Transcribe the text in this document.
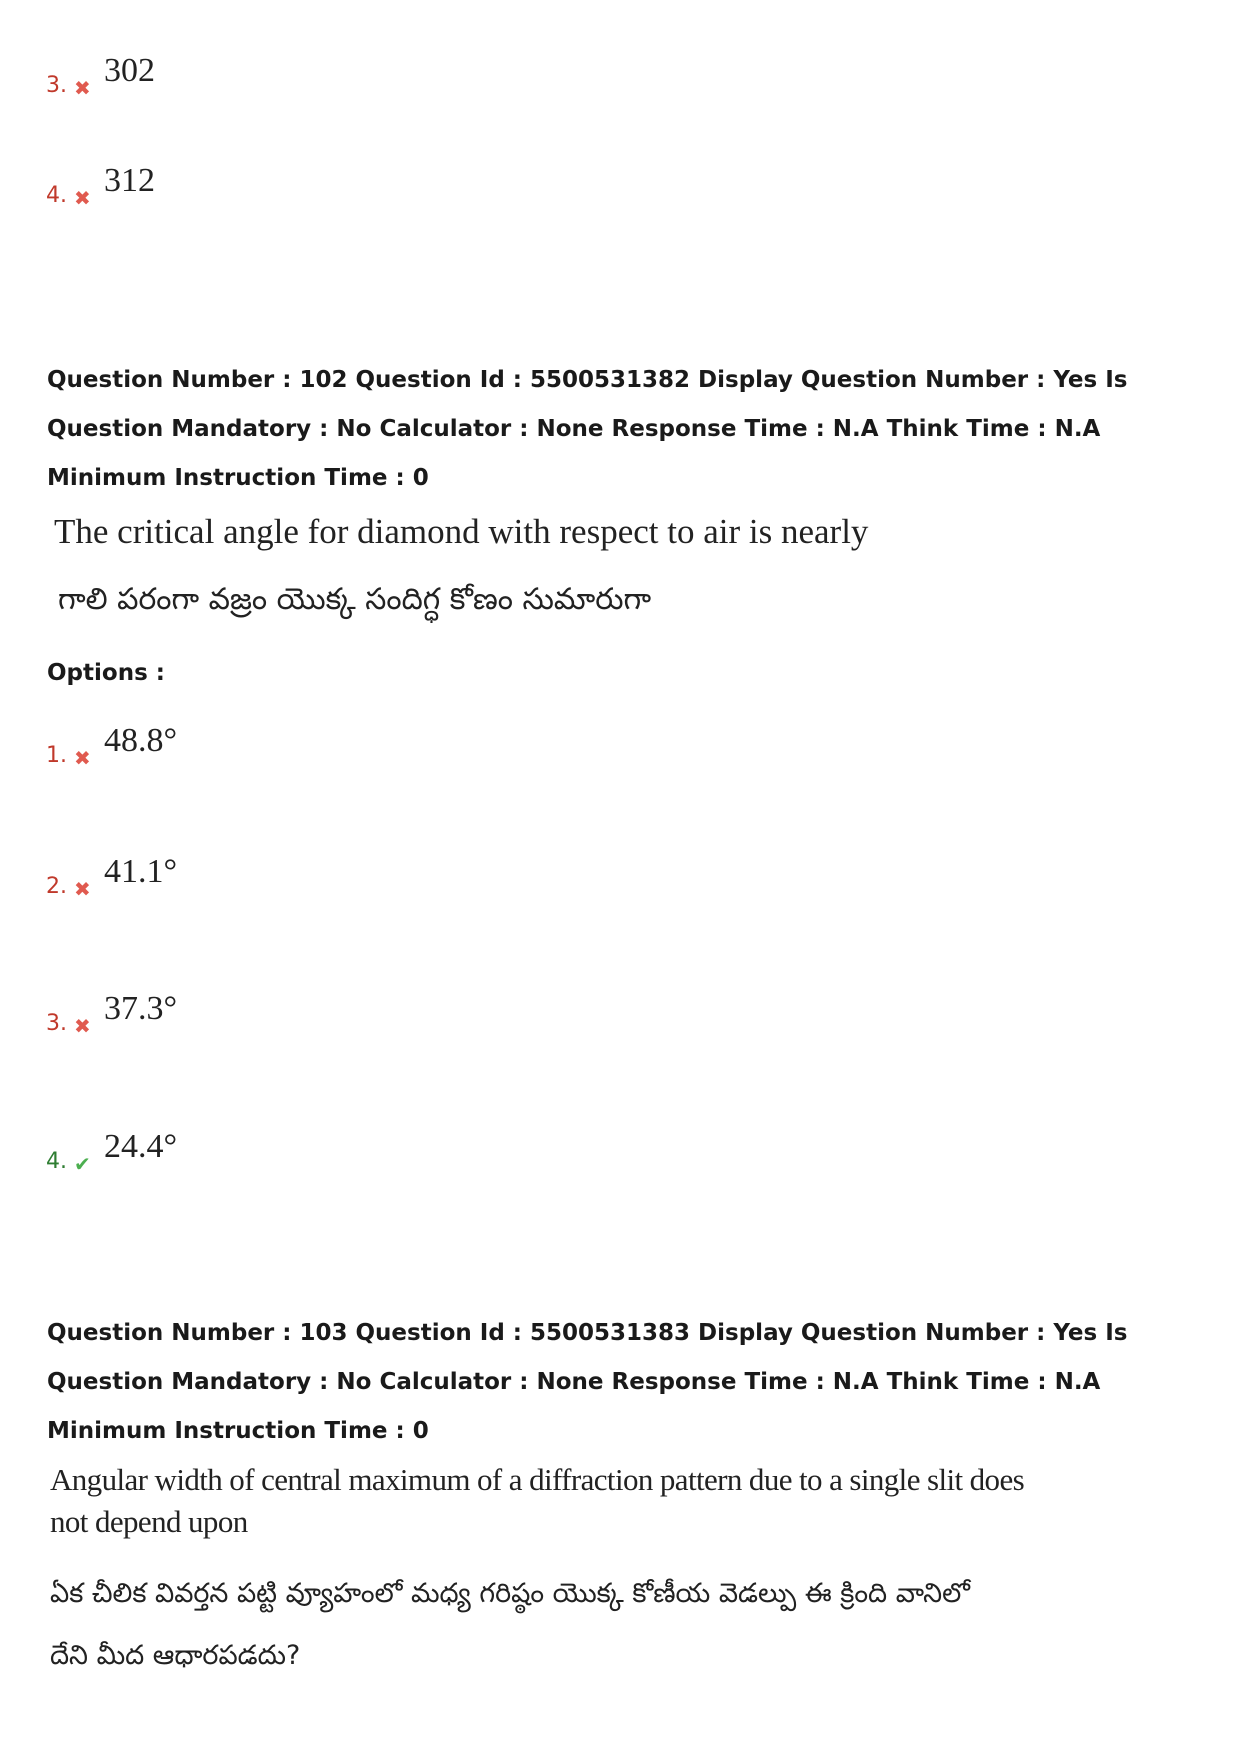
3. ✖ 302
4. ✖ 312
Question Number : 102 Question Id : 5500531382 Display Question Number : Yes Is Question Mandatory : No Calculator : None Response Time : N.A Think Time : N.A Minimum Instruction Time : 0
The critical angle for diamond with respect to air is nearly
గాలి పరంగా వజ్రం యొక్క సందిగ్ధ కోణం సుమారుగా
Options :
1. ✖ 48.8°
2. ✖ 41.1°
3. ✖ 37.3°
4. ✔ 24.4°
Question Number : 103 Question Id : 5500531383 Display Question Number : Yes Is Question Mandatory : No Calculator : None Response Time : N.A Think Time : N.A Minimum Instruction Time : 0
Angular width of central maximum of a diffraction pattern due to a single slit does
not depend upon
ఏక చీలిక వివర్తన పట్టి వ్యూహంలో మధ్య గరిష్ఠం యొక్క కోణీయ వెడల్పు ఈ క్రింది వానిలో
దేని మీద ఆధారపడదు?
